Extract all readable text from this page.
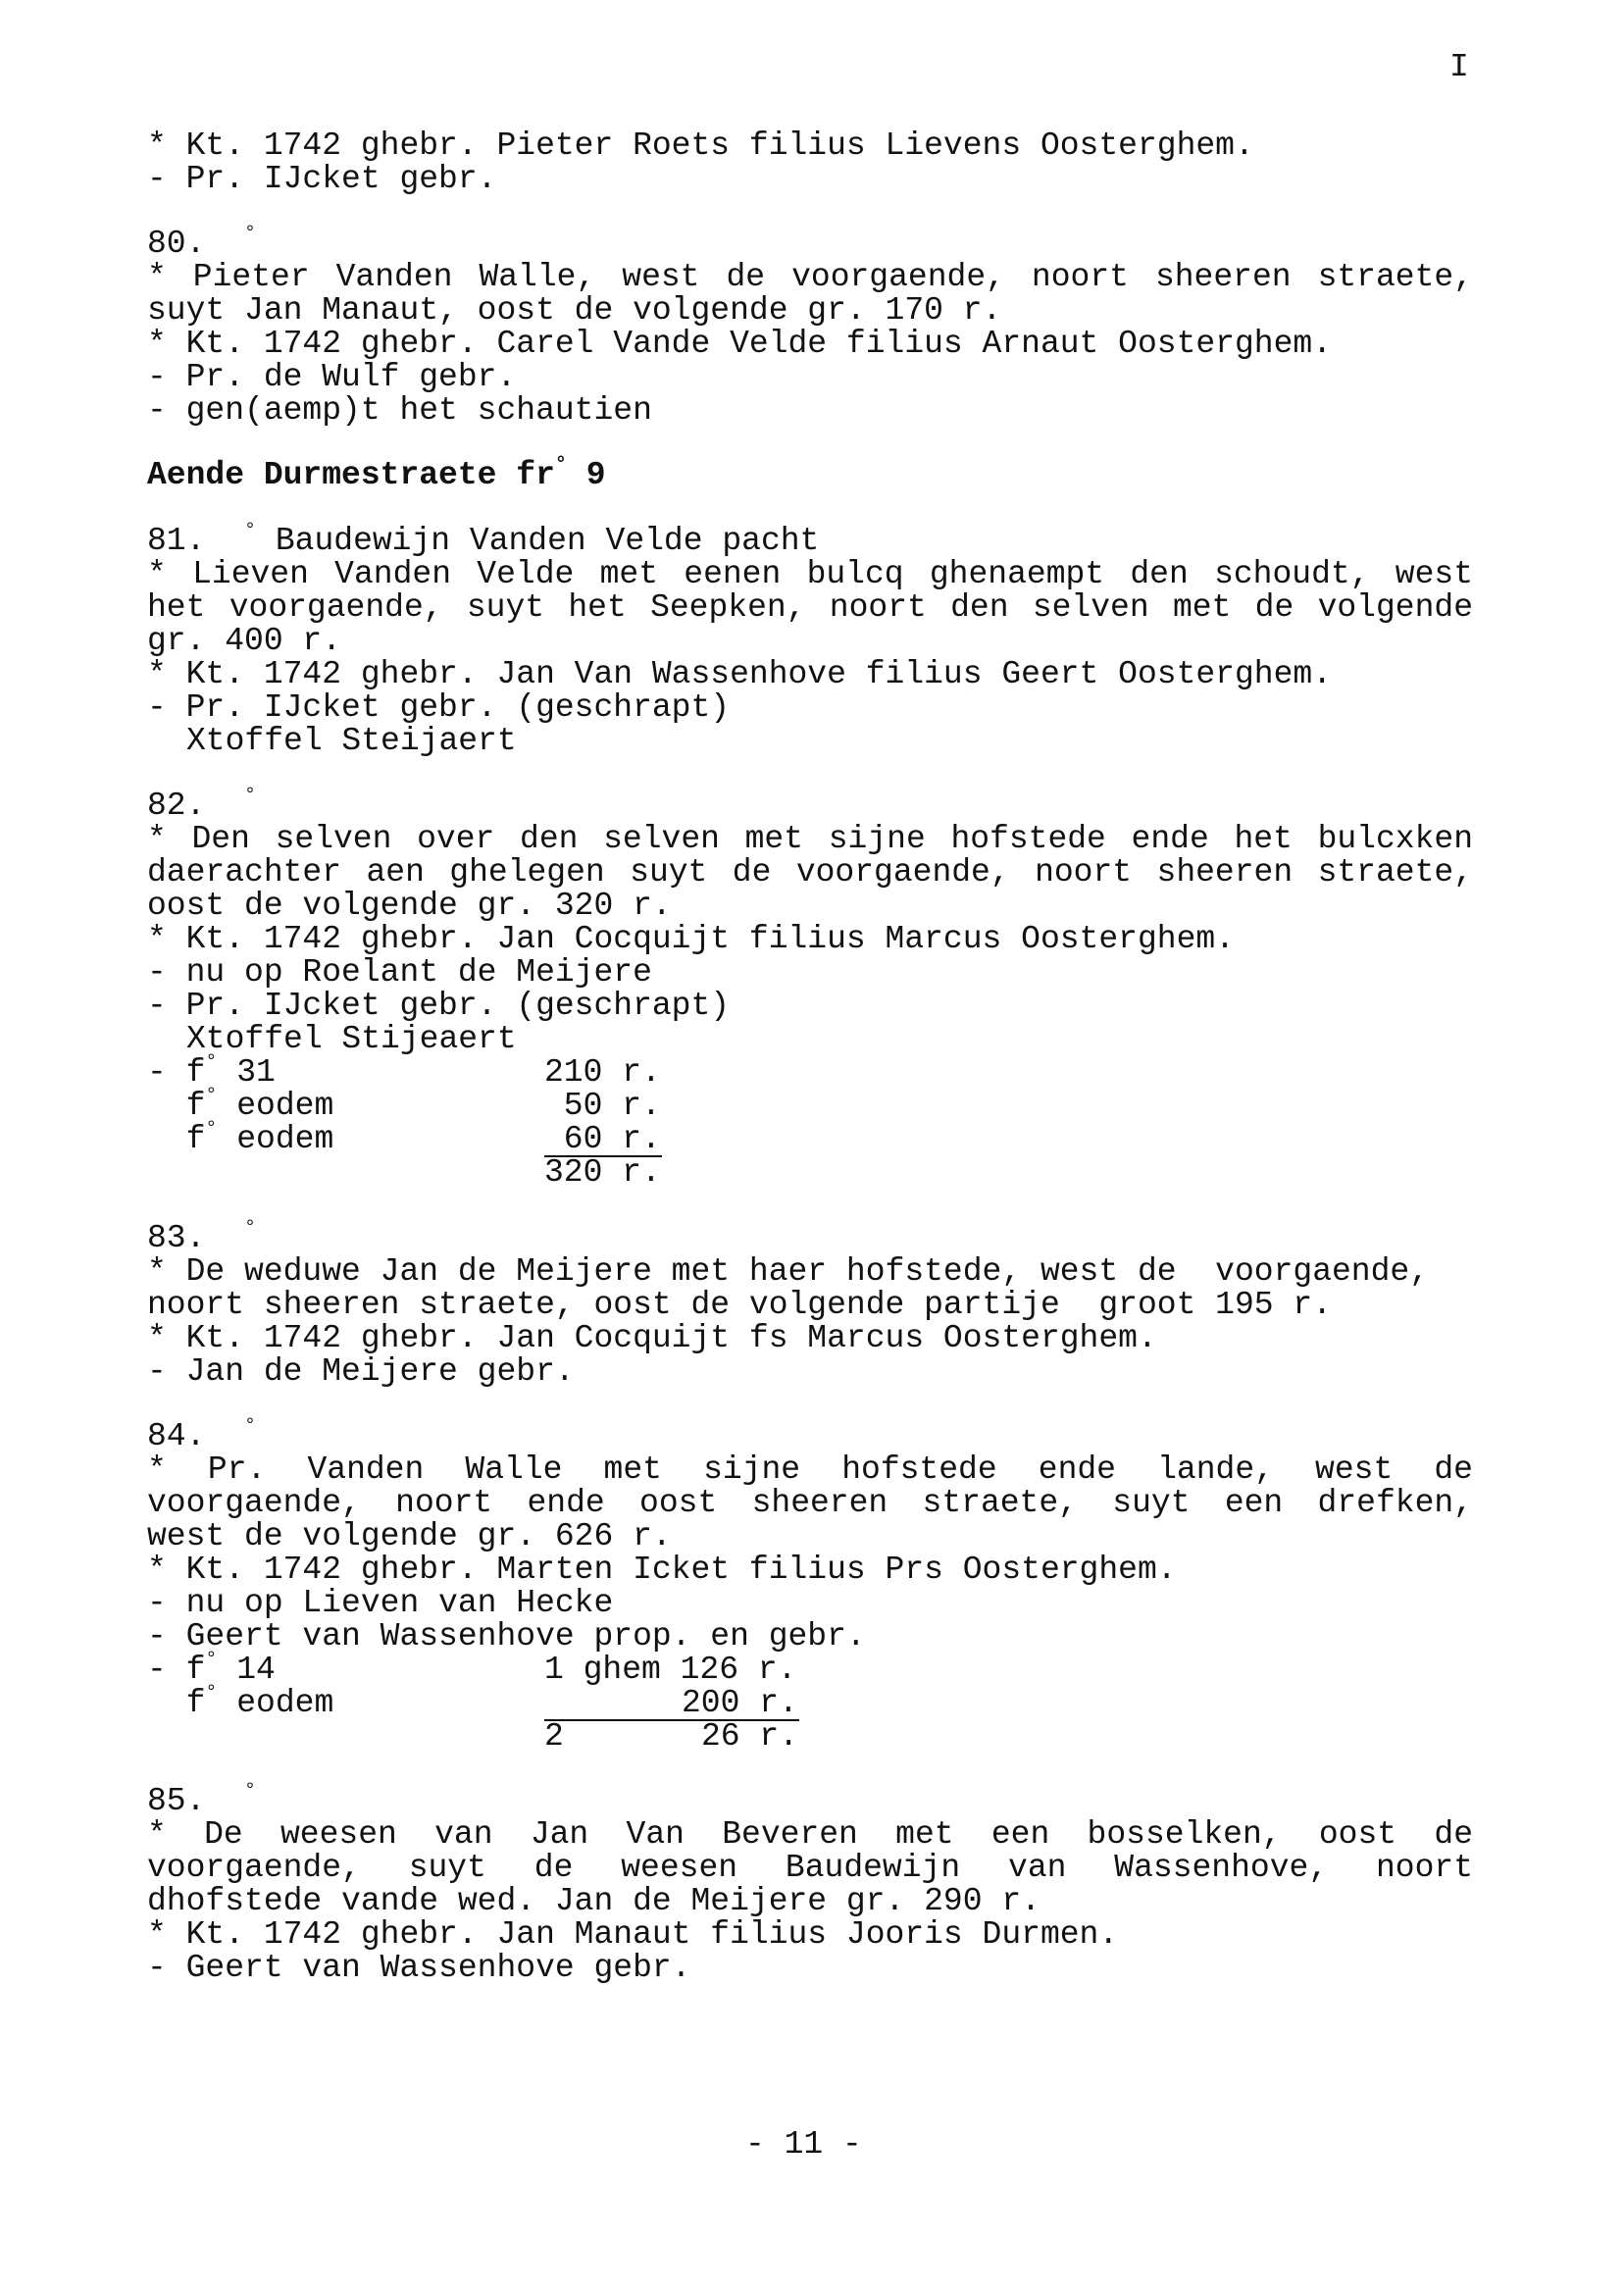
I
* Kt. 1742 ghebr. Pieter Roets filius Lievens Oosterghem.
- Pr. IJcket gebr.
80. °
* Pieter Vanden Walle, west de voorgaende, noort sheeren straete,
suyt Jan Manaut, oost de volgende gr. 170 r.
* Kt. 1742 ghebr. Carel Vande Velde filius Arnaut Oosterghem.
- Pr. de Wulf gebr.
- gen(aemp)t het schautien
Aende Durmestraete fr° 9
81. ° Baudewijn Vanden Velde pacht
* Lieven Vanden Velde met eenen bulcq ghenaempt den schoudt, west
het voorgaende, suyt het Seepken, noort den selven met de volgende
gr. 400 r.
* Kt. 1742 ghebr. Jan Van Wassenhove filius Geert Oosterghem.
- Pr. IJcket gebr. (geschrapt)
Xtoffel Steijaert
82. °
* Den selven over den selven met sijne hofstede ende het bulcxken
daerachter aen ghelegen suyt de voorgaende, noort sheeren straete,
oost de volgende gr. 320 r.
* Kt. 1742 ghebr. Jan Cocquijt filius Marcus Oosterghem.
- nu op Roelant de Meijere
- Pr. IJcket gebr. (geschrapt)
Xtoffel Stijeaert
- f° 31	210 r.
f° eodem	50 r.
f° eodem	60 r.
320 r.
83. °
* De weduwe Jan de Meijere met haer hofstede, west de  voorgaende,
noort sheeren straete, oost de volgende partije  groot 195 r.
* Kt. 1742 ghebr. Jan Cocquijt fs Marcus Oosterghem.
- Jan de Meijere gebr.
84. °
* Pr. Vanden Walle met sijne hofstede ende lande, west de
voorgaende, noort ende oost sheeren straete, suyt een drefken,
west de volgende gr. 626 r.
* Kt. 1742 ghebr. Marten Icket filius Prs Oosterghem.
- nu op Lieven van Hecke
- Geert van Wassenhove prop. en gebr.
- f° 14	1 ghem 126 r.
f° eodem	200 r.
2	26 r.
85. °
* De weesen van Jan Van Beveren met een bosselken, oost de
voorgaende, suyt de weesen Baudewijn van Wassenhove, noort
dhofstede vande wed. Jan de Meijere gr. 290 r.
* Kt. 1742 ghebr. Jan Manaut filius Jooris Durmen.
- Geert van Wassenhove gebr.
- 11 -
